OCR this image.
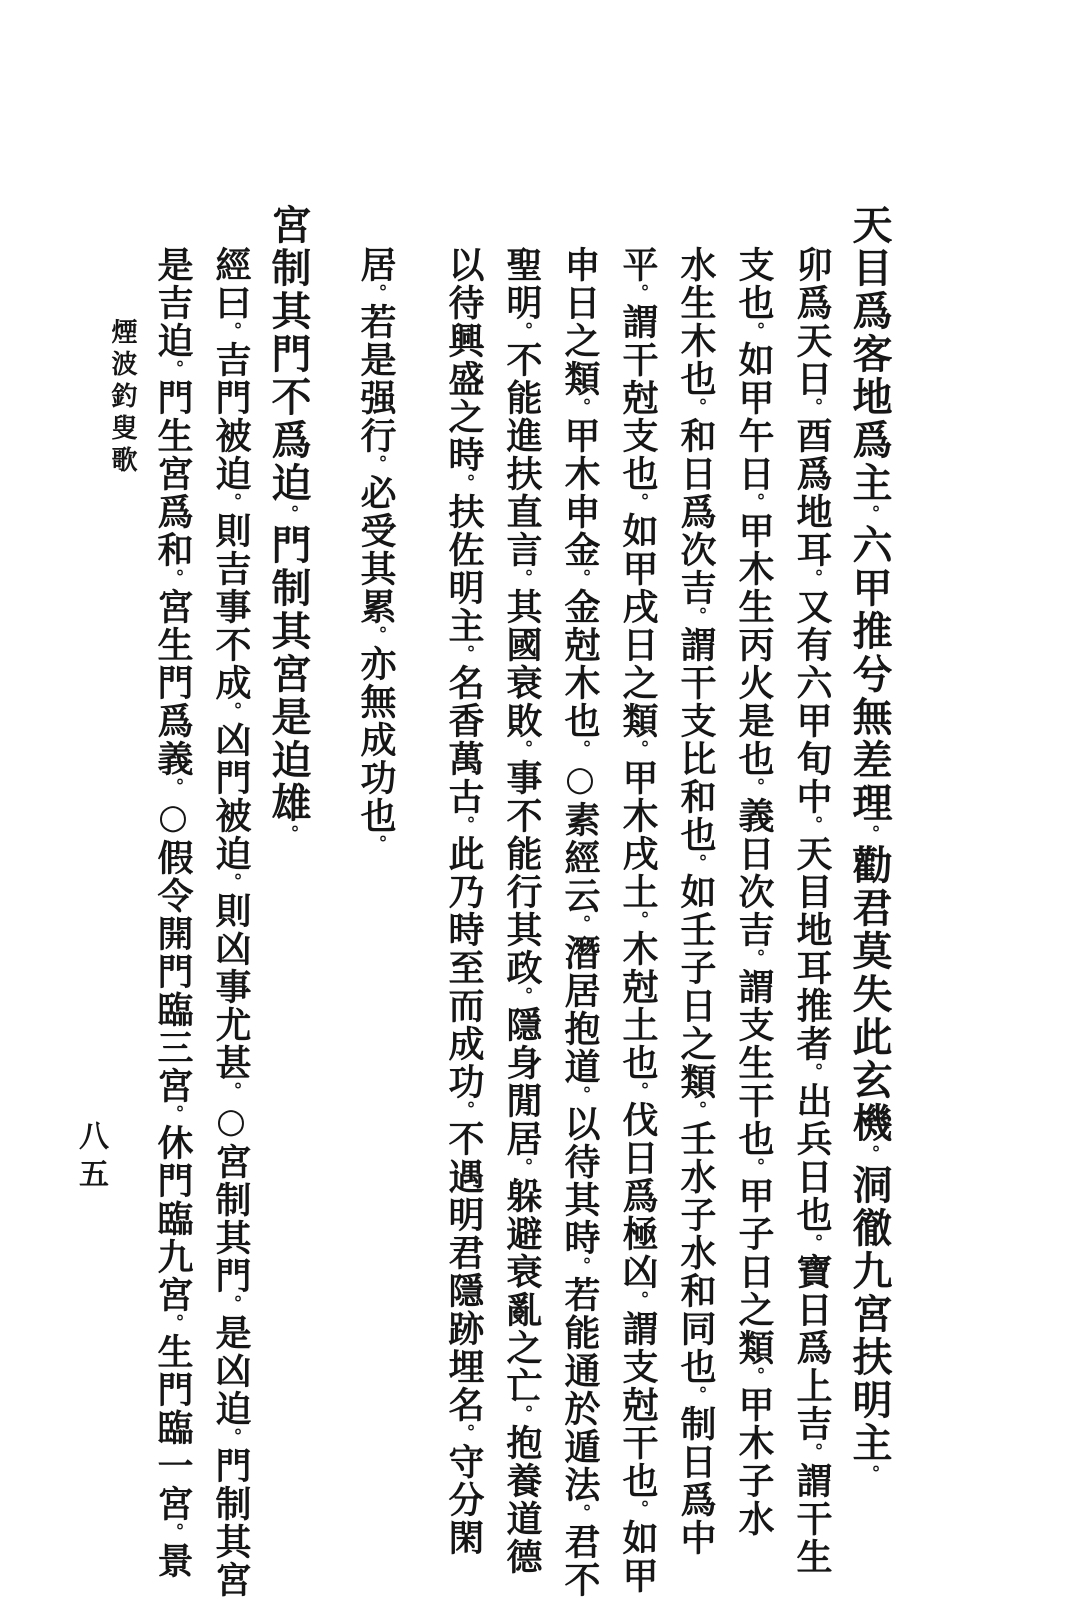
天目爲客地爲主。六甲推兮無差理。勸君莫失此玄機。洞徹九宮扶明主。
卯爲天日。酉爲地耳。又有六甲旬中。天目地耳推者。出兵日也。寶日爲上吉。謂干生
支也。如甲午日。甲木生丙火是也。義日次吉。謂支生干也。甲子日之類。甲木子水
水生木也。和日爲次吉。謂干支比和也。如壬子日之類。壬水子水和同也。制日爲中
平。謂干尅支也。如甲戌日之類。甲木戌土。木尅土也。伐日爲極凶。謂支尅干也。如甲
申日之類。甲木申金。金尅木也。○素經云。潛居抱道。以待其時。若能通於遁法。君不
聖明。不能進扶直言。其國衰敗。事不能行其政。隱身閒居。躲避衰亂之亡。抱養道德
以待興盛之時。扶佐明主。名香萬古。此乃時至而成功。不遇明君隱跡埋名。守分閑
居。若是强行。必受其累。亦無成功也。
宮制其門不爲迫。門制其宮是迫雄。
經曰。吉門被迫。則吉事不成。凶門被迫。則凶事尤甚。○宮制其門。是凶迫。門制其宮
是吉迫。門生宮爲和。宮生門爲義。○假令開門臨三宮。休門臨九宮。生門臨一宮。景
煙波釣叟歌
八五
